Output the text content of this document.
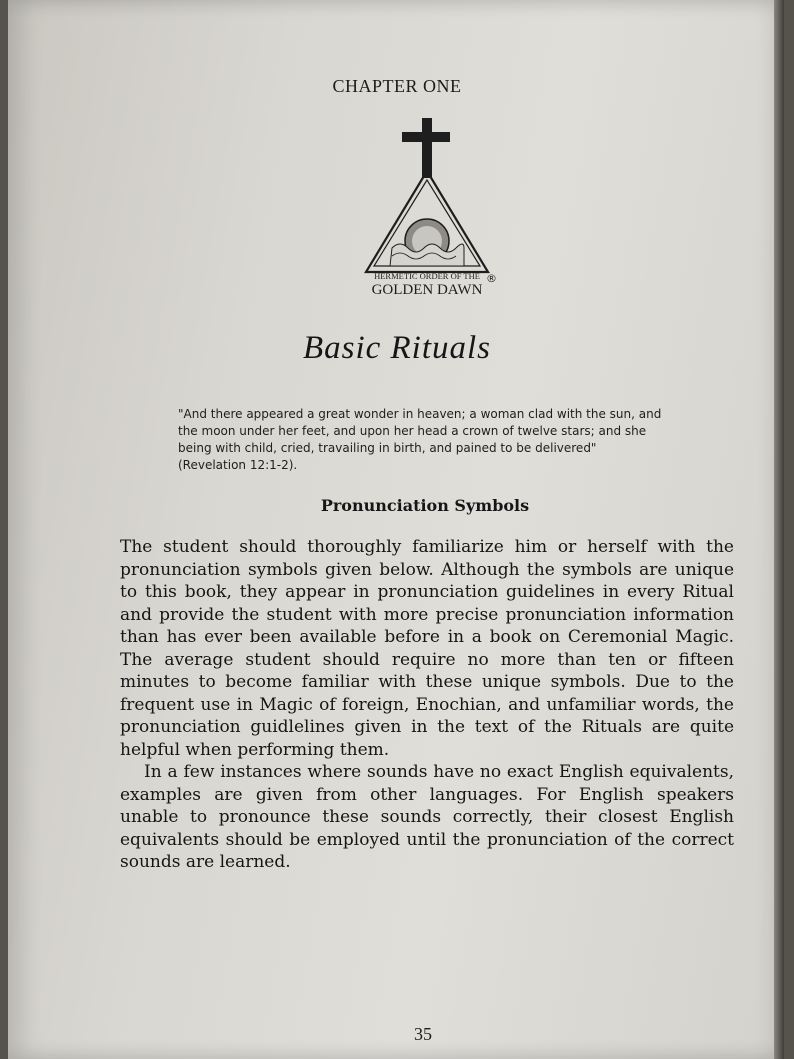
CHAPTER ONE
HERMETIC ORDER OF THE
GOLDEN DAWN
®
Basic Rituals
"And there appeared a great wonder in heaven; a woman clad with the sun, and the moon under her feet, and upon her head a crown of twelve stars; and she being with child, cried, travailing in birth, and pained to be delivered" (Revelation 12:1-2).
Pronunciation Symbols

The student should thoroughly familiarize him or herself with the pronunciation symbols given below. Although the symbols are unique to this book, they appear in pronunciation guidelines in every Ritual and provide the student with more precise pronunciation information than has ever been available before in a book on Ceremonial Magic. The average student should require no more than ten or fifteen minutes to become familiar with these unique symbols. Due to the frequent use in Magic of foreign, Enochian, and unfamiliar words, the pronunciation guidlelines given in the text of the Rituals are quite helpful when performing them.

In a few instances where sounds have no exact English equivalents, examples are given from other languages. For English speakers unable to pronounce these sounds correctly, their closest English equivalents should be employed until the pronunciation of the correct sounds are learned.

35
